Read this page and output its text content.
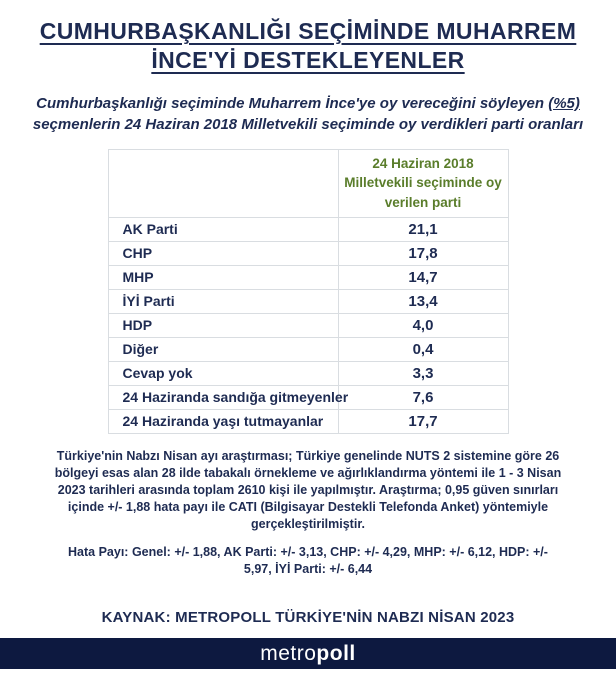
CUMHURBAŞKANLIĞI SEÇİMİNDE MUHARREM İNCE'Yİ DESTEKLEYENLER

Cumhurbaşkanlığı seçiminde Muharrem İnce'ye oy vereceğini söyleyen (%5) seçmenlerin 24 Haziran 2018 Milletvekili seçiminde oy verdikleri parti oranları

	24 Haziran 2018 Milletvekili seçiminde oy verilen parti
AK Parti	21,1
CHP	17,8
MHP	14,7
İYİ Parti	13,4
HDP	4,0
Diğer	0,4
Cevap yok	3,3
24 Haziranda sandığa gitmeyenler	7,6
24 Haziranda yaşı tutmayanlar	17,7

Türkiye'nin Nabzı Nisan ayı araştırması; Türkiye genelinde NUTS 2 sistemine göre 26 bölgeyi esas alan 28 ilde tabakalı örnekleme ve ağırlıklandırma yöntemi ile 1 - 3 Nisan 2023 tarihleri arasında toplam 2610 kişi ile yapılmıştır. Araştırma; 0,95 güven sınırları içinde +/- 1,88 hata payı ile CATI (Bilgisayar Destekli Telefonda Anket) yöntemiyle gerçekleştirilmiştir.

Hata Payı: Genel: +/- 1,88, AK Parti: +/- 3,13, CHP: +/- 4,29, MHP: +/- 6,12, HDP: +/- 5,97, İYİ Parti: +/- 6,44

KAYNAK: METROPOLL TÜRKİYE'NİN NABZI NİSAN 2023

metropoll
